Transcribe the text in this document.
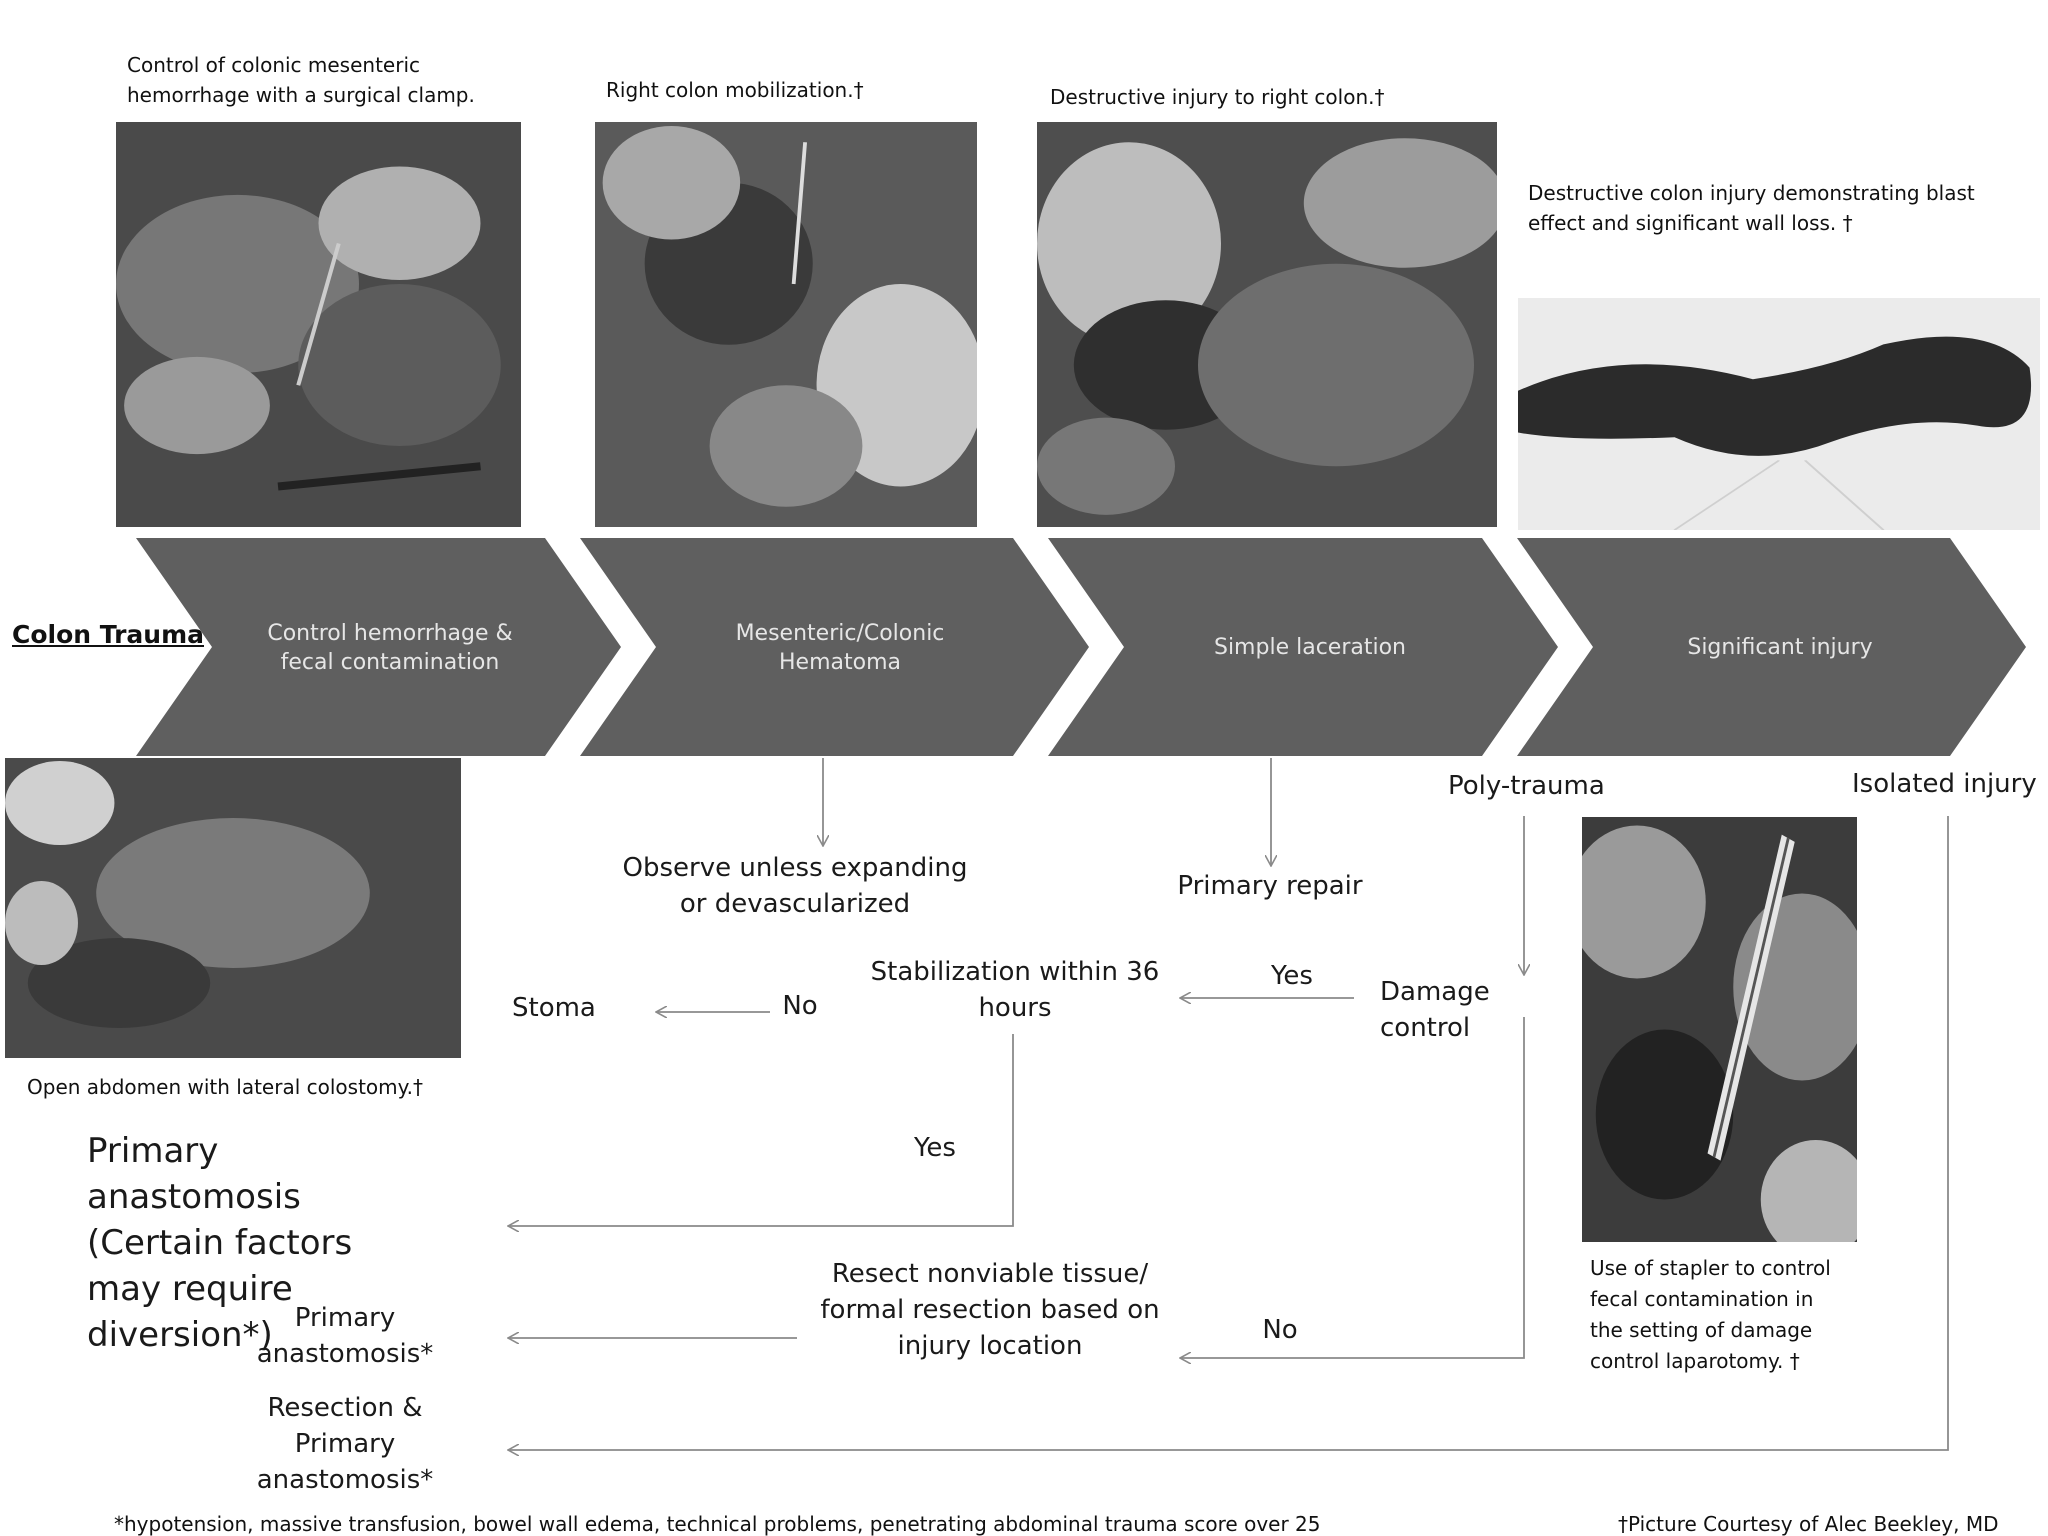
Control of colonic mesenteric hemorrhage with a surgical clamp.	Right colon mobilization.†	Destructive injury to right colon.†
Destructive colon injury demonstrating blast effect and significant wall loss. †
Open abdomen with lateral colostomy.†
Use of stapler to control fecal contamination in the setting of damage control laparotomy. †
Colon Trauma	Control hemorrhage & fecal contamination
Mesenteric/Colonic Hematoma
Simple laceration	Significant injury
Observe unless expanding or devascularized
Primary repair
Poly-trauma	Isolated injury
Damage control
Yes
Stabilization within 36 hours
No
Stoma
Yes
Primary anastomosis (Certain factors may require diversion*)
Resect nonviable tissue/ formal resection based on injury location
No
Primary anastomosis*
Resection & Primary anastomosis*
*hypotension, massive transfusion, bowel wall edema, technical problems, penetrating abdominal trauma score over 25	†Picture Courtesy of Alec Beekley, MD
